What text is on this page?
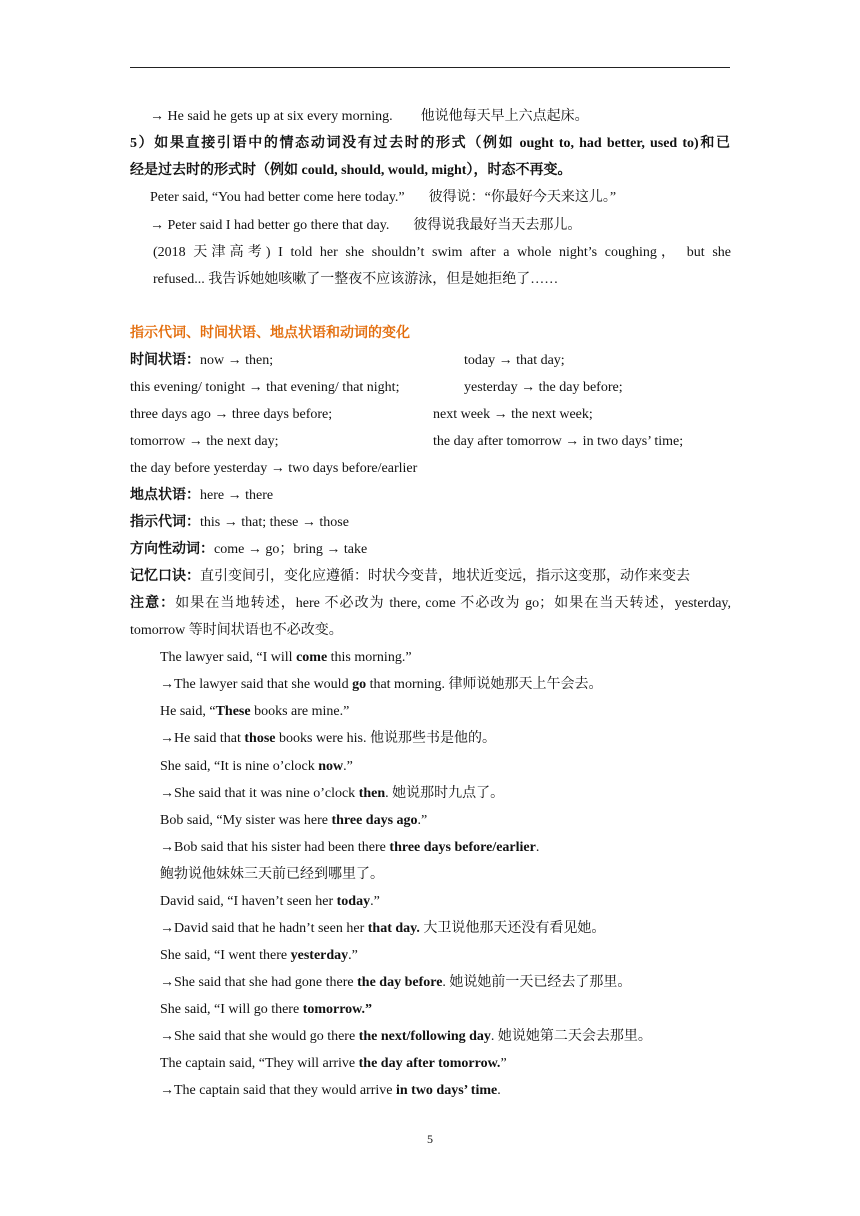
→ He said he gets up at six every morning. 他说他每天早上六点起床。
5）如果直接引语中的情态动词没有过去时的形式（例如 ought to, had better, used to)和已
经是过去时的形式时（例如 could, should, would, might），时态不再变。
Peter said, “You had better come here today.” 彼得说：“你最好今天来这儿。”
→ Peter said I had better go there that day. 彼得说我最好当天去那儿。
(2018 天津高考) I told her she shouldn’t swim after a whole night’s coughing， but she
refused... 我告诉她她咳嗽了一整夜不应该游泳，但是她拒绝了……
指示代词、时间状语、地点状语和动词的变化
时间状语：now → then;	today → that day;
this evening/ tonight → that evening/ that night;	yesterday → the day before;
three days ago → three days before;	next week → the next week;
tomorrow → the next day;	the day after tomorrow → in two days’ time;
the day before yesterday → two days before/earlier
地点状语：here → there
指示代词：this → that; these → those
方向性动词：come → go；bring → take
记忆口诀：直引变间引，变化应遵循：时状今变昔，地状近变远，指示这变那，动作来变去
注意：如果在当地转述，here 不必改为 there, come 不必改为 go；如果在当天转述，yesterday,
tomorrow 等时间状语也不必改变。
The lawyer said, “I will come this morning.”
→The lawyer said that she would go that morning. 律师说她那天上午会去。
He said, “These books are mine.”
→He said that those books were his. 他说那些书是他的。
She said, “It is nine o’clock now.”
→She said that it was nine o’clock then. 她说那时九点了。
Bob said, “My sister was here three days ago.”
→Bob said that his sister had been there three days before/earlier.
鲍勃说他妹妹三天前已经到哪里了。
David said, “I haven’t seen her today.”
→David said that he hadn’t seen her that day. 大卫说他那天还没有看见她。
She said, “I went there yesterday.”
→She said that she had gone there the day before. 她说她前一天已经去了那里。
She said, “I will go there tomorrow.”
→She said that she would go there the next/following day. 她说她第二天会去那里。
The captain said, “They will arrive the day after tomorrow.”
→The captain said that they would arrive in two days’ time.
5
